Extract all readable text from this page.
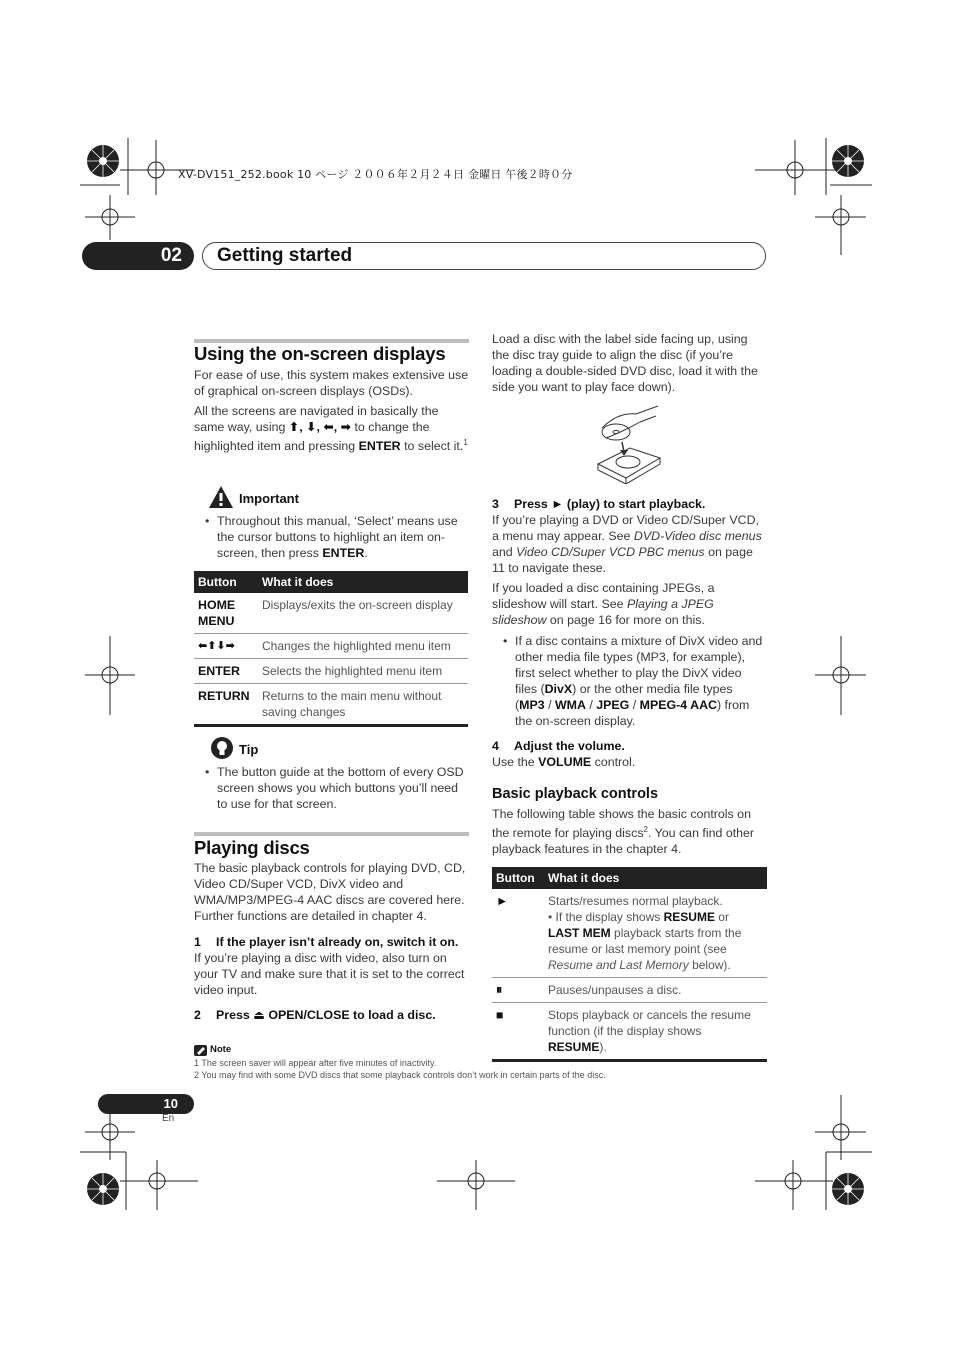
XV-DV151_252.book 10 ページ ２００６年２月２４日 金曜日 午後２時０分
02	Getting started
Using the on-screen displays

For ease of use, this system makes extensive use of graphical on-screen displays (OSDs).

All the screens are navigated in basically the same way, using ⬆, ⬇, ⬅, ➡ to change the highlighted item and pressing ENTER to select it.$^1$

Important

• Throughout this manual, ‘Select’ means use the cursor buttons to highlight an item on-screen, then press ENTER.

Button	What it does
HOME MENU	Displays/exits the on-screen display
⬅⬆⬇➡	Changes the highlighted menu item
ENTER	Selects the highlighted menu item
RETURN	Returns to the main menu without saving changes
Tip

• The button guide at the bottom of every OSD screen shows you which buttons you’ll need to use for that screen.

Playing discs

The basic playback controls for playing DVD, CD, Video CD/Super VCD, DivX video and WMA/MP3/MPEG-4 AAC discs are covered here. Further functions are detailed in chapter 4.

1 If the player isn’t already on, switch it on.

If you’re playing a disc with video, also turn on your TV and make sure that it is set to the correct video input.

2 Press ⏏ OPEN/CLOSE to load a disc.

Load a disc with the label side facing up, using the disc tray guide to align the disc (if you’re loading a double-sided DVD disc, load it with the side you want to play face down).

3 Press ► (play) to start playback.

If you’re playing a DVD or Video CD/Super VCD, a menu may appear. See DVD-Video disc menus and Video CD/Super VCD PBC menus on page 11 to navigate these.

If you loaded a disc containing JPEGs, a slideshow will start. See Playing a JPEG slideshow on page 16 for more on this.

• If a disc contains a mixture of DivX video and other media file types (MP3, for example), first select whether to play the DivX video files (DivX) or the other media file types (MP3 / WMA / JPEG / MPEG-4 AAC) from the on-screen display.

4 Adjust the volume.

Use the VOLUME control.

Basic playback controls

The following table shows the basic controls on the remote for playing discs$^2$. You can find other playback features in the chapter 4.

Button	What it does
►	Starts/resumes normal playback.
• If the display shows RESUME or LAST MEM playback starts from the resume or last memory point (see Resume and Last Memory below).
⏸	Pauses/unpauses a disc.
■	Stops playback or cancels the resume function (if the display shows RESUME).
Note
1 The screen saver will appear after five minutes of inactivity.
2 You may find with some DVD discs that some playback controls don’t work in certain parts of the disc.
10
En
